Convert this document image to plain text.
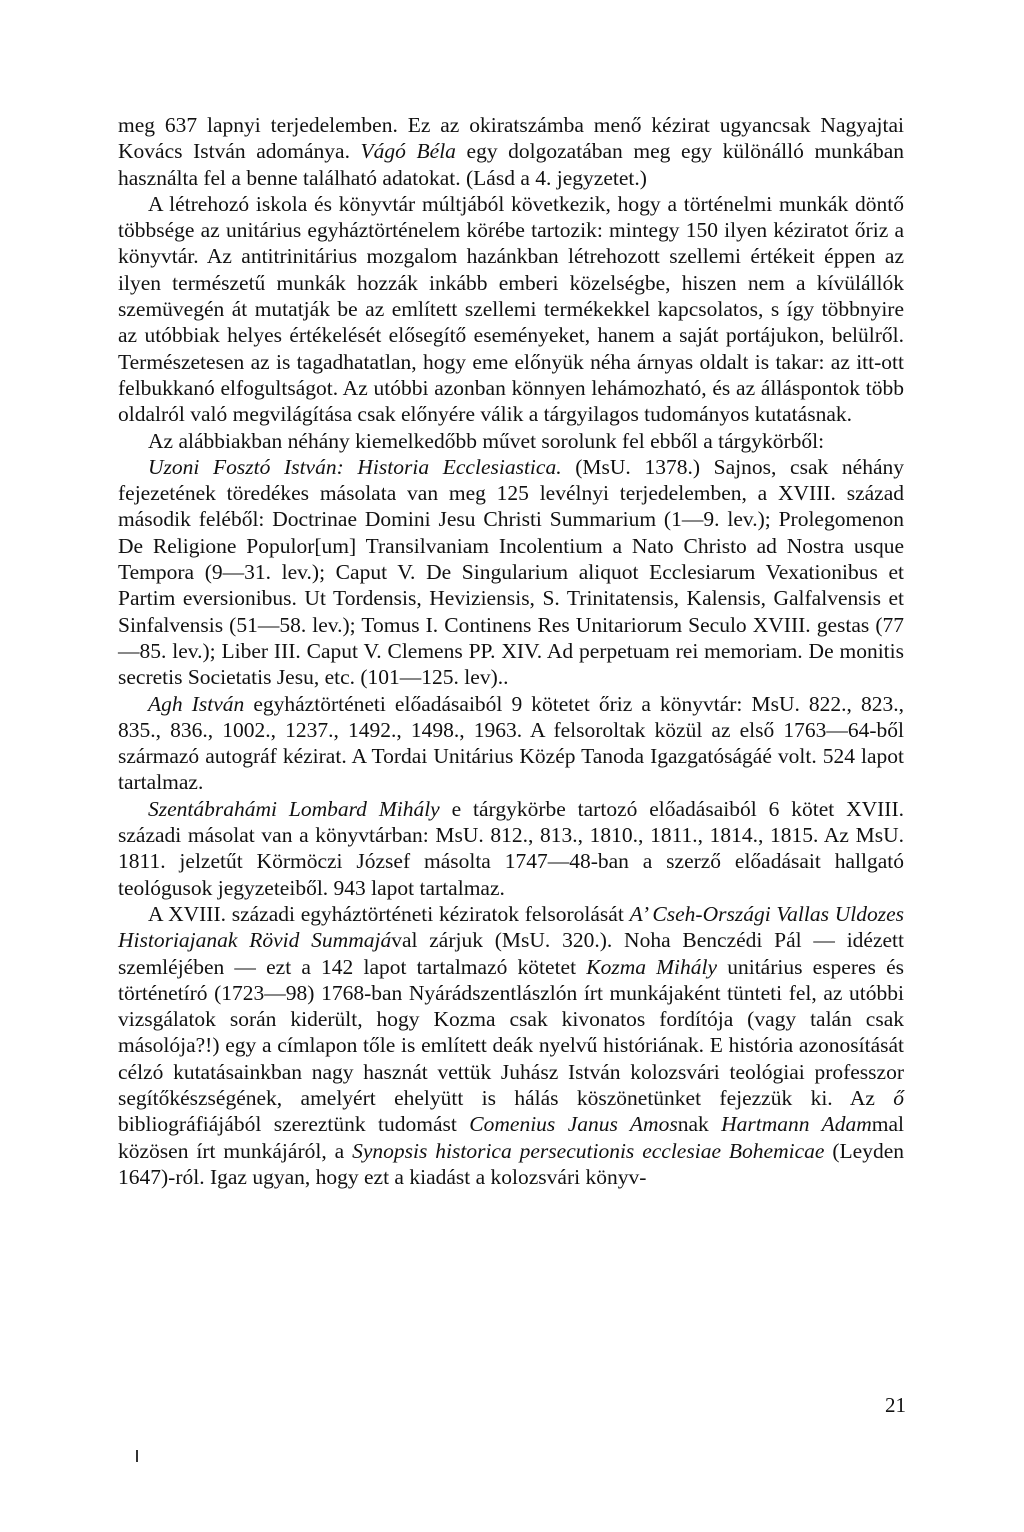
meg 637 lapnyi terjedelemben. Ez az okiratszámba menő kézirat ugyancsak Nagyajtai Kovács István adománya. Vágó Béla egy dolgozatában meg egy különálló munkában használta fel a benne található adatokat. (Lásd a 4. jegyzetet.)

A létrehozó iskola és könyvtár múltjából következik, hogy a történelmi munkák döntő többsége az unitárius egyháztörténelem körébe tartozik: mintegy 150 ilyen kéziratot őriz a könyvtár. Az antitrinitárius mozgalom hazánkban létrehozott szellemi értékeit éppen az ilyen természetű munkák hozzák inkább emberi közelségbe, hiszen nem a kívülállók szemüvegén át mutatják be az említett szellemi termékekkel kapcsolatos, s így többnyire az utóbbiak helyes értékelését elősegítő eseményeket, hanem a saját portájukon, belülről. Természetesen az is tagadhatatlan, hogy eme előnyük néha árnyas oldalt is takar: az itt-ott felbukkanó elfogultságot. Az utóbbi azonban könnyen lehámozható, és az álláspontok több oldalról való megvilágítása csak előnyére válik a tárgyilagos tudományos kutatásnak.

Az alábbiakban néhány kiemelkedőbb művet sorolunk fel ebből a tárgykörből:

Uzoni Fosztó István: Historia Ecclesiastica. (MsU. 1378.) Sajnos, csak néhány fejezetének töredékes másolata van meg 125 levélnyi terjedelemben, a XVIII. század második feléből: Doctrinae Domini Jesu Christi Summarium (1—9. lev.); Prolegomenon De Religione Populor[um] Transilvaniam Incolentium a Nato Christo ad Nostra usque Tempora (9—31. lev.); Caput V. De Singularium aliquot Ecclesiarum Vexationibus et Partim eversionibus. Ut Tordensis, Heviziensis, S. Trinitatensis, Kalensis, Galfalvensis et Sinfalvensis (51—58. lev.); Tomus I. Continens Res Unitariorum Seculo XVIII. gestas (77—85. lev.); Liber III. Caput V. Clemens PP. XIV. Ad perpetuam rei memoriam. De monitis secretis Societatis Jesu, etc. (101—125. lev)..

Agh István egyháztörténeti előadásaiból 9 kötetet őriz a könyvtár: MsU. 822., 823., 835., 836., 1002., 1237., 1492., 1498., 1963. A felsoroltak közül az első 1763—64-ből származó autográf kézirat. A Tordai Unitárius Közép Tanoda Igazgatóságáé volt. 524 lapot tartalmaz.

Szentábrahámi Lombard Mihály e tárgykörbe tartozó előadásaiból 6 kötet XVIII. századi másolat van a könyvtárban: MsU. 812., 813., 1810., 1811., 1814., 1815. Az MsU. 1811. jelzetűt Körmöczi József másolta 1747—48-ban a szerző előadásait hallgató teológusok jegyzeteiből. 943 lapot tartalmaz.

A XVIII. századi egyháztörténeti kéziratok felsorolását A’ Cseh-Országi Vallas Uldozes Historiajanak Rövid Summajával zárjuk (MsU. 320.). Noha Benczédi Pál — idézett szemléjében — ezt a 142 lapot tartalmazó kötetet Kozma Mihály unitárius esperes és történetíró (1723—98) 1768-ban Nyárádszentlászlón írt munkájaként tünteti fel, az utóbbi vizsgálatok során kiderült, hogy Kozma csak kivonatos fordítója (vagy talán csak másolója?!) egy a címlapon tőle is említett deák nyelvű históriának. E história azonosítását célzó kutatásainkban nagy hasznát vettük Juhász István kolozsvári teológiai professzor segítőkészségének, amelyért ehelyütt is hálás köszönetünket fejezzük ki. Az ő bibliográfiájából szereztünk tudomást Comenius Janus Amosnak Hartmann Adammal közösen írt munkájáról, a Synopsis historica persecutionis ecclesiae Bohemicae (Leyden 1647)-ról. Igaz ugyan, hogy ezt a kiadást a kolozsvári könyv-

21
